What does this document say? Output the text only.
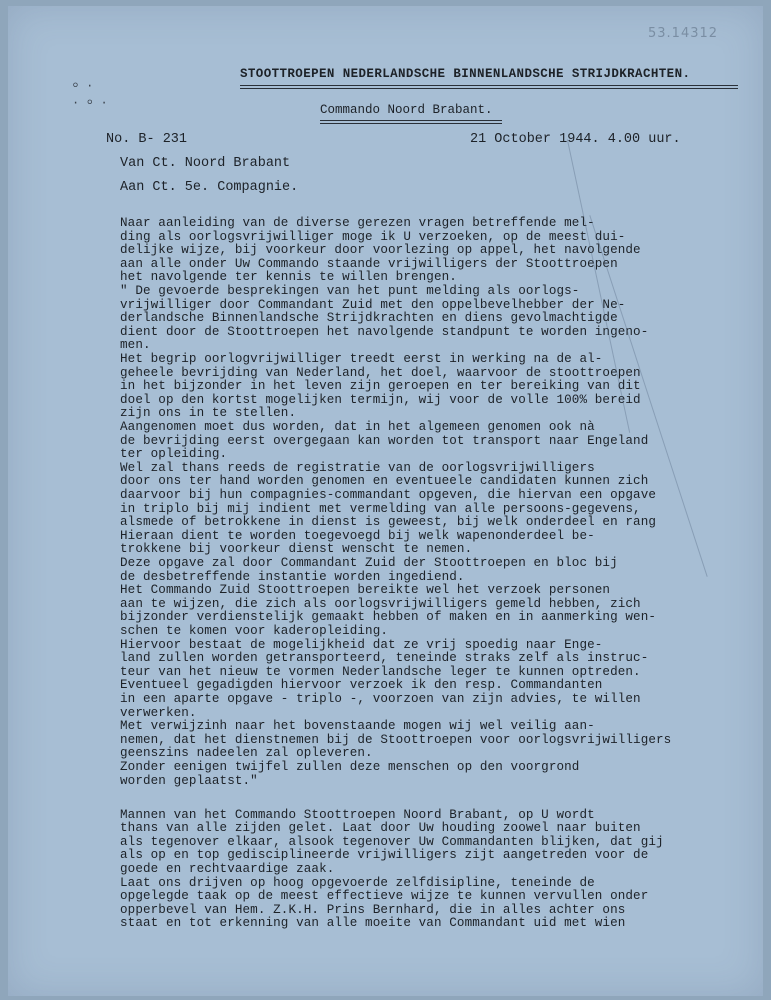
53.14312
⸰ ·
· ⸰ ·
STOOTTROEPEN NEDERLANDSCHE BINNENLANDSCHE STRIJDKRACHTEN.
Commando Noord Brabant.
No. B- 231	21 October 1944. 4.00 uur.
Van Ct. Noord Brabant
Aan Ct. 5e. Compagnie.
Naar aanleiding van de diverse gerezen vragen betreffende mel-
ding als oorlogsvrijwilliger moge ik U verzoeken, op de meest dui-
delijke wijze, bij voorkeur door voorlezing op appel, het navolgende
aan alle onder Uw Commando staande vrijwilligers der Stoottroepen
het navolgende ter kennis te willen brengen.
" De gevoerde besprekingen van het punt melding als oorlogs-
vrijwilliger door Commandant Zuid met den oppelbevelhebber der Ne-
derlandsche Binnenlandsche Strijdkrachten en diens gevolmachtigde
dient door de Stoottroepen het navolgende standpunt te worden ingeno-
men.
Het begrip oorlogvrijwilliger treedt eerst in werking na de al-
geheele bevrijding van Nederland, het doel, waarvoor de stoottroepen
in het bijzonder in het leven zijn geroepen en ter bereiking van dit
doel op den kortst mogelijken termijn, wij voor de volle 100% bereid
zijn ons in te stellen.
Aangenomen moet dus worden, dat in het algemeen genomen ook nà
de bevrijding eerst overgegaan kan worden tot transport naar Engeland
ter opleiding.
Wel zal thans reeds de registratie van de oorlogsvrijwilligers
door ons ter hand worden genomen en eventueele candidaten kunnen zich
daarvoor bij hun compagnies-commandant opgeven, die hiervan een opgave
in triplo bij mij indient met vermelding van alle persoons-gegevens,
alsmede of betrokkene in dienst is geweest, bij welk onderdeel en rang
Hieraan dient te worden toegevoegd bij welk wapenonderdeel be-
trokkene bij voorkeur dienst wenscht te nemen.
Deze opgave zal door Commandant Zuid der Stoottroepen en bloc bij
de desbetreffende instantie worden ingediend.
Het Commando Zuid Stoottroepen bereikte wel het verzoek personen
aan te wijzen, die zich als oorlogsvrijwilligers gemeld hebben, zich
bijzonder verdienstelijk gemaakt hebben of maken en in aanmerking wen-
schen te komen voor kaderopleiding.
Hiervoor bestaat de mogelijkheid dat ze vrij spoedig naar Enge-
land zullen worden getransporteerd, teneinde straks zelf als instruc-
teur van het nieuw te vormen Nederlandsche leger te kunnen optreden.
Eventueel gegadigden hiervoor verzoek ik den resp. Commandanten
in een aparte opgave - triplo -, voorzoen van zijn advies, te willen
verwerken.
Met verwijzinh naar het bovenstaande mogen wij wel veilig aan-
nemen, dat het dienstnemen bij de Stoottroepen voor oorlogsvrijwilligers
geenszins nadeelen zal opleveren.
Zonder eenigen twijfel zullen deze menschen op den voorgrond
worden geplaatst."
Mannen van het Commando Stoottroepen Noord Brabant, op U wordt
thans van alle zijden gelet. Laat door Uw houding zoowel naar buiten
als tegenover elkaar, alsook tegenover Uw Commandanten blijken, dat gij
als op en top gedisciplineerde vrijwilligers zijt aangetreden voor de
goede en rechtvaardige zaak.
Laat ons drijven op hoog opgevoerde zelfdisipline, teneinde de
opgelegde taak op de meest effectieve wijze te kunnen vervullen onder
opperbevel van Hem. Z.K.H. Prins Bernhard, die in alles achter ons
staat en tot erkenning van alle moeite van Commandant uid met wien
